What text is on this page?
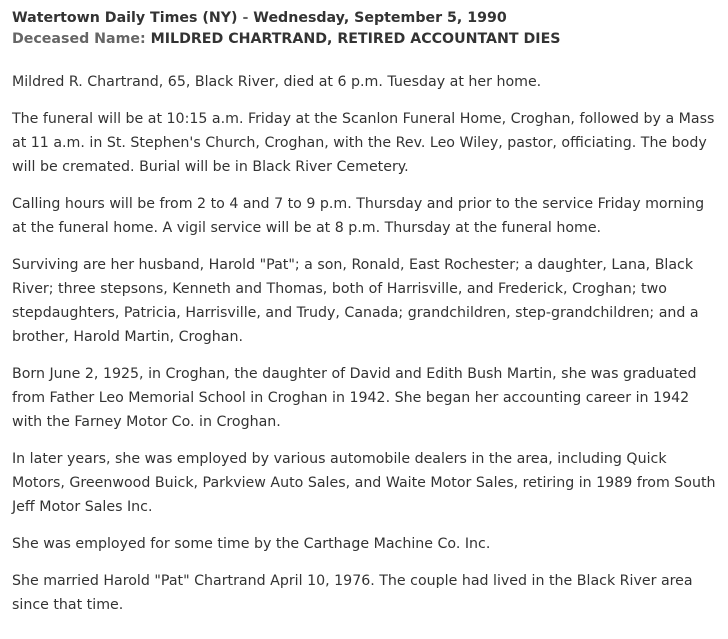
Watertown Daily Times (NY) - Wednesday, September 5, 1990
Deceased Name: MILDRED CHARTRAND, RETIRED ACCOUNTANT DIES

Mildred R. Chartrand, 65, Black River, died at 6 p.m. Tuesday at her home.

The funeral will be at 10:15 a.m. Friday at the Scanlon Funeral Home, Croghan, followed by a Mass at 11 a.m. in St. Stephen's Church, Croghan, with the Rev. Leo Wiley, pastor, officiating. The body will be cremated. Burial will be in Black River Cemetery.

Calling hours will be from 2 to 4 and 7 to 9 p.m. Thursday and prior to the service Friday morning at the funeral home. A vigil service will be at 8 p.m. Thursday at the funeral home.

Surviving are her husband, Harold "Pat"; a son, Ronald, East Rochester; a daughter, Lana, Black River; three stepsons, Kenneth and Thomas, both of Harrisville, and Frederick, Croghan; two stepdaughters, Patricia, Harrisville, and Trudy, Canada; grandchildren, step-grandchildren; and a brother, Harold Martin, Croghan.

Born June 2, 1925, in Croghan, the daughter of David and Edith Bush Martin, she was graduated from Father Leo Memorial School in Croghan in 1942. She began her accounting career in 1942 with the Farney Motor Co. in Croghan.

In later years, she was employed by various automobile dealers in the area, including Quick Motors, Greenwood Buick, Parkview Auto Sales, and Waite Motor Sales, retiring in 1989 from South Jeff Motor Sales Inc.

She was employed for some time by the Carthage Machine Co. Inc.

She married Harold "Pat" Chartrand April 10, 1976. The couple had lived in the Black River area since that time.
